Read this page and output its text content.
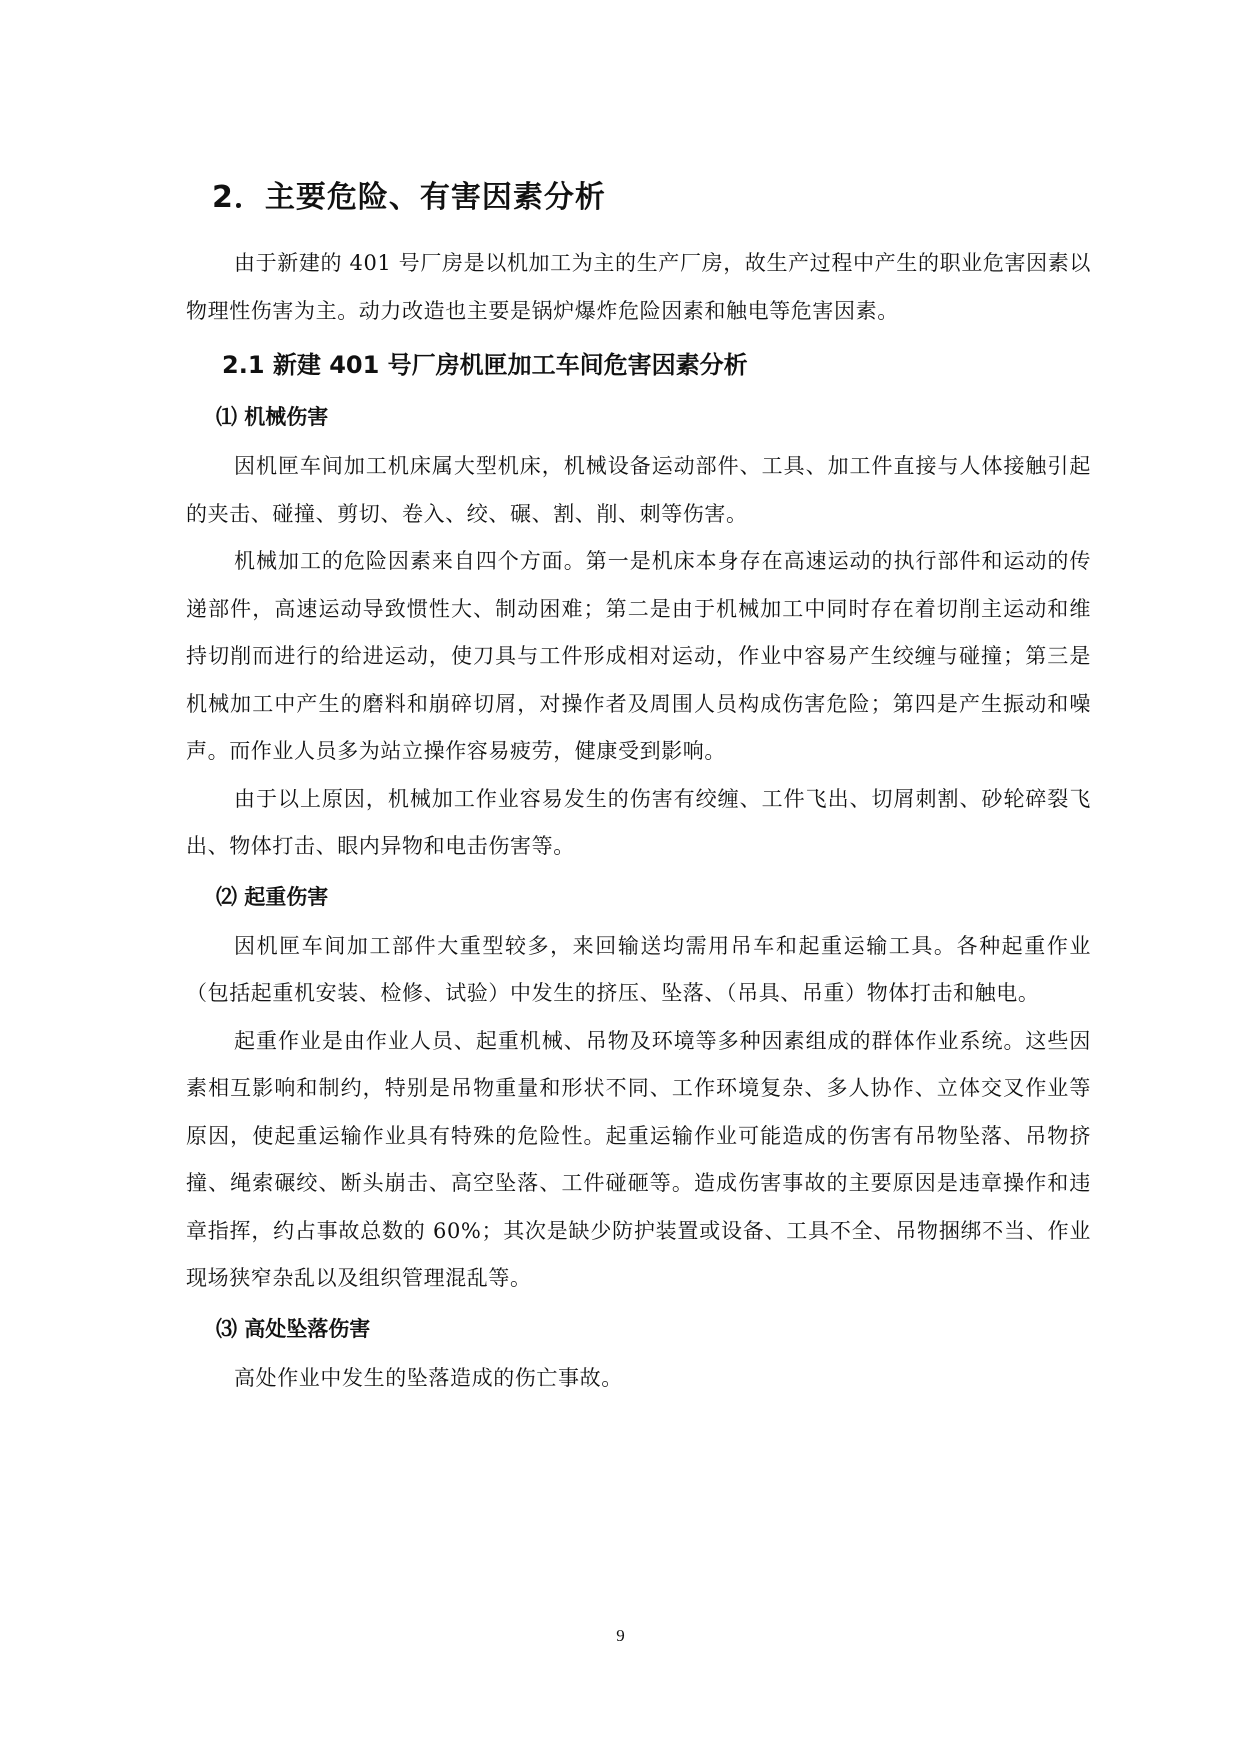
2．主要危险、有害因素分析

由于新建的 401 号厂房是以机加工为主的生产厂房，故生产过程中产生的职业危害因素以物理性伤害为主。动力改造也主要是锅炉爆炸危险因素和触电等危害因素。

2.1 新建 401 号厂房机匣加工车间危害因素分析
⑴ 机械伤害

因机匣车间加工机床属大型机床，机械设备运动部件、工具、加工件直接与人体接触引起的夹击、碰撞、剪切、卷入、绞、碾、割、削、刺等伤害。

机械加工的危险因素来自四个方面。第一是机床本身存在高速运动的执行部件和运动的传递部件，高速运动导致惯性大、制动困难；第二是由于机械加工中同时存在着切削主运动和维持切削而进行的给进运动，使刀具与工件形成相对运动，作业中容易产生绞缠与碰撞；第三是机械加工中产生的磨料和崩碎切屑，对操作者及周围人员构成伤害危险；第四是产生振动和噪声。而作业人员多为站立操作容易疲劳，健康受到影响。

由于以上原因，机械加工作业容易发生的伤害有绞缠、工件飞出、切屑刺割、砂轮碎裂飞出、物体打击、眼内异物和电击伤害等。

⑵ 起重伤害

因机匣车间加工部件大重型较多，来回输送均需用吊车和起重运输工具。各种起重作业（包括起重机安装、检修、试验）中发生的挤压、坠落、（吊具、吊重）物体打击和触电。

起重作业是由作业人员、起重机械、吊物及环境等多种因素组成的群体作业系统。这些因素相互影响和制约，特别是吊物重量和形状不同、工作环境复杂、多人协作、立体交叉作业等原因，使起重运输作业具有特殊的危险性。起重运输作业可能造成的伤害有吊物坠落、吊物挤撞、绳索碾绞、断头崩击、高空坠落、工件碰砸等。造成伤害事故的主要原因是违章操作和违章指挥，约占事故总数的 60%；其次是缺少防护装置或设备、工具不全、吊物捆绑不当、作业现场狭窄杂乱以及组织管理混乱等。

⑶ 高处坠落伤害

高处作业中发生的坠落造成的伤亡事故。

9
